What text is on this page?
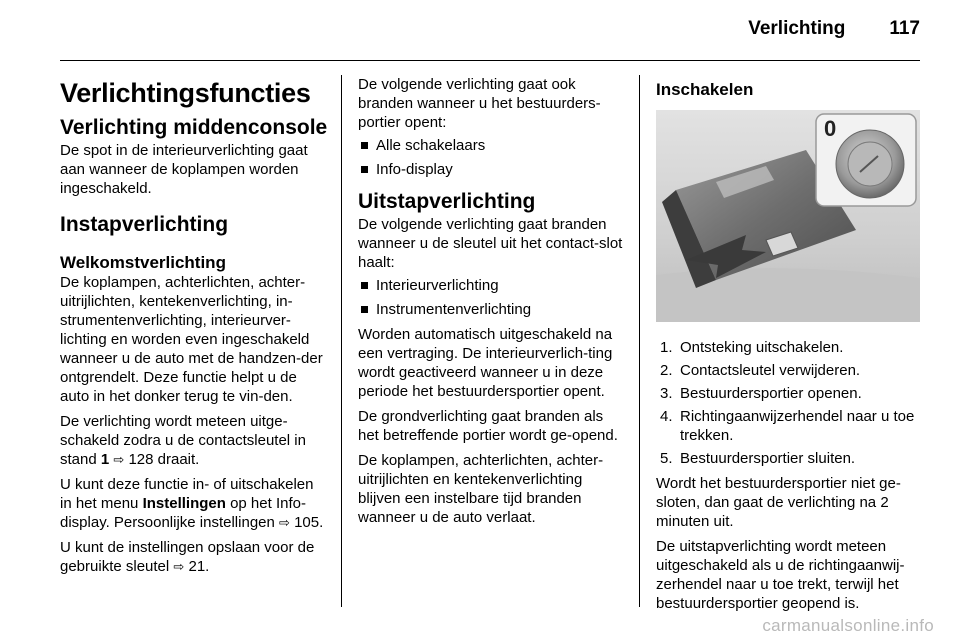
Verlichting 117
Verlichtingsfuncties
Verlichting middenconsole

De spot in de interieurverlichting gaat aan wanneer de koplampen worden ingeschakeld.

Instapverlichting
Welkomstverlichting

De koplampen, achterlichten, achter-uitrijlichten, kentekenverlichting, in-strumentenverlichting, interieurver-lichting en worden even ingeschakeld wanneer u de auto met de handzen-der ontgrendelt. Deze functie helpt u de auto in het donker terug te vin-den.

De verlichting wordt meteen uitge-schakeld zodra u de contactsleutel in stand 1 ⇨ 128 draait.

U kunt deze functie in- of uitschakelen in het menu Instellingen op het Info-display. Persoonlijke instellingen ⇨ 105.

U kunt de instellingen opslaan voor de gebruikte sleutel ⇨ 21.

De volgende verlichting gaat ook branden wanneer u het bestuurders-portier opent:

Alle schakelaars
Info-display
Uitstapverlichting

De volgende verlichting gaat branden wanneer u de sleutel uit het contact-slot haalt:

Interieurverlichting
Instrumentenverlichting

Worden automatisch uitgeschakeld na een vertraging. De interieurverlich-ting wordt geactiveerd wanneer u in deze periode het bestuurdersportier opent.

De grondverlichting gaat branden als het betreffende portier wordt ge-opend.

De koplampen, achterlichten, achter-uitrijlichten en kentekenverlichting blijven een instelbare tijd branden wanneer u de auto verlaat.

Inschakelen
0
1. Ontsteking uitschakelen.
2. Contactsleutel verwijderen.
3. Bestuurdersportier openen.
4. Richtingaanwijzerhendel naar u toe trekken.
5. Bestuurdersportier sluiten.

Wordt het bestuurdersportier niet ge-sloten, dan gaat de verlichting na 2 minuten uit.

De uitstapverlichting wordt meteen uitgeschakeld als u de richtingaanwij-zerhendel naar u toe trekt, terwijl het bestuurdersportier geopend is.

carmanualsonline.info
